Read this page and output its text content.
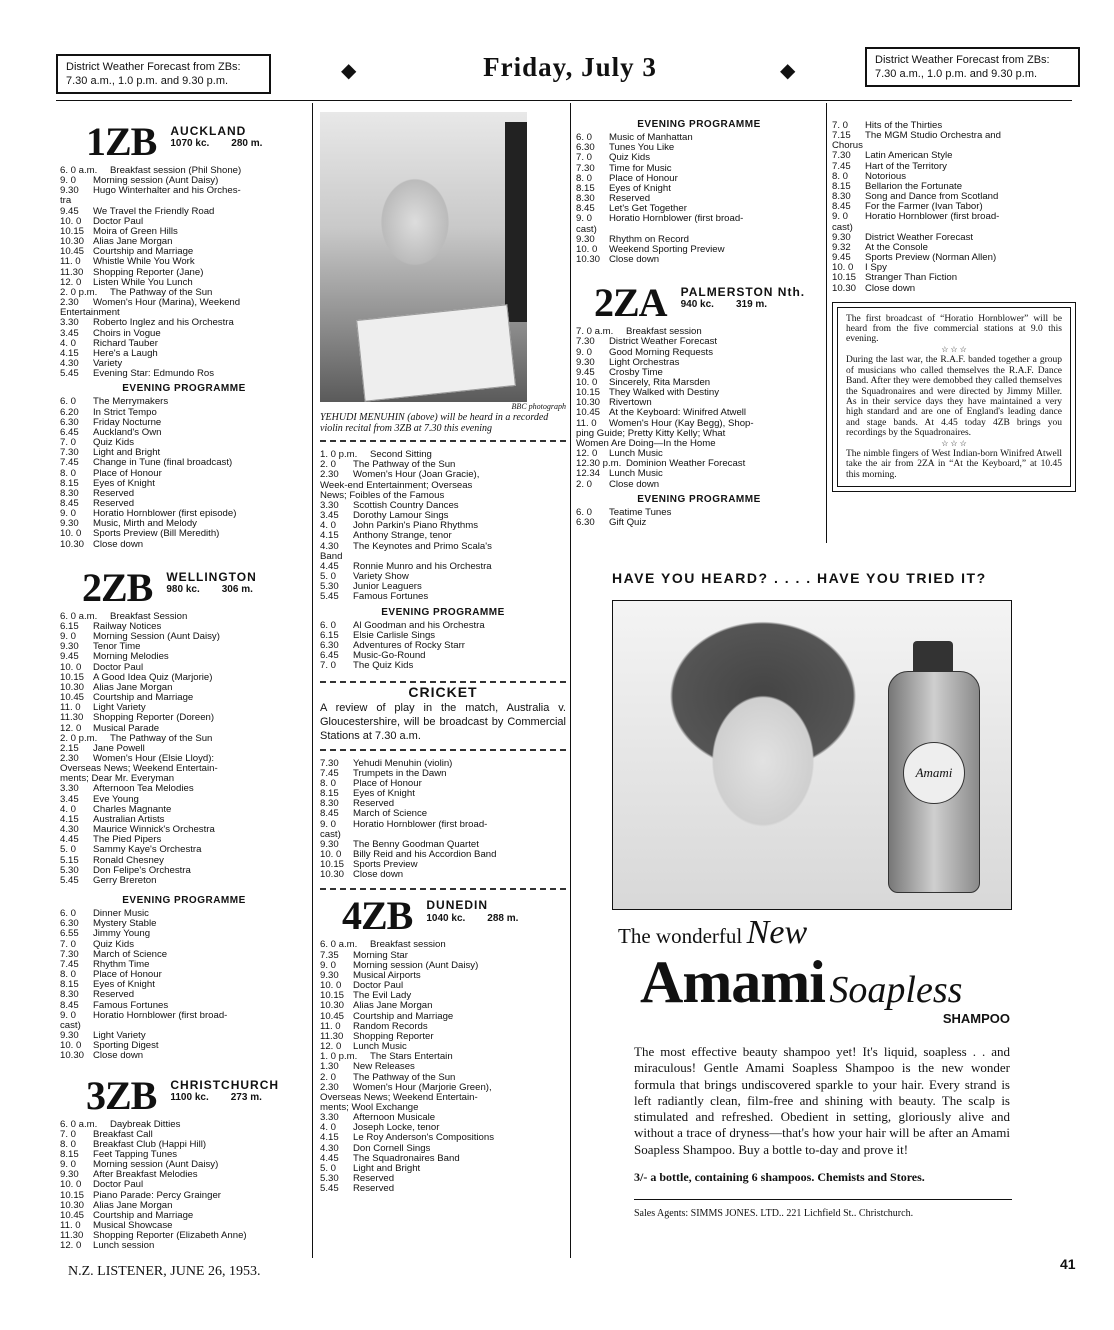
District Weather Forecast from ZBs:
7.30 a.m., 1.0 p.m. and 9.30 p.m.	◆	Friday, July 3	◆	District Weather Forecast from ZBs:
7.30 a.m., 1.0 p.m. and 9.30 p.m.
1ZB AUCKLAND
1070 kc. 280 m.
6. 0 a.m.	Breakfast session (Phil Shone)
9. 0	Morning session (Aunt Daisy)
9.30	Hugo Winterhalter and his Orches-
tra
9.45	We Travel the Friendly Road
10. 0	Doctor Paul
10.15 Moira of Green Hills
10.30 Alias Jane Morgan
10.45 Courtship and Marriage
11. 0	Whistle While You Work
11.30	Shopping Reporter (Jane)
12. 0	Listen While You Lunch
2. 0 p.m.	The Pathway of the Sun
2.30	Women's Hour (Marina), Weekend
Entertainment
3.30	Roberto Inglez and his Orchestra
3.45	Choirs in Vogue
4. 0	Richard Tauber
4.15	Here's a Laugh
4.30	Variety
5.45	Evening Star: Edmundo Ros
EVENING PROGRAMME
6. 0	The Merrymakers
6.20	In Strict Tempo
6.30	Friday Nocturne
6.45	Auckland's Own
7. 0	Quiz Kids
7.30	Light and Bright
7.45	Change in Tune (final broadcast)
8. 0	Place of Honour
8.15	Eyes of Knight
8.30	Reserved
8.45	Reserved
9. 0	Horatio Hornblower (first episode)
9.30	Music, Mirth and Melody
10. 0	Sports Preview (Bill Meredith)
10.30 Close down
2ZB WELLINGTON
980 kc. 306 m.
6. 0 a.m.	Breakfast Session
6.15	Railway Notices
9. 0	Morning Session (Aunt Daisy)
9.30	Tenor Time
9.45	Morning Melodies
10. 0	Doctor Paul
10.15 A Good Idea Quiz (Marjorie)
10.30 Alias Jane Morgan
10.45 Courtship and Marriage
11. 0	Light Variety
11.30	Shopping Reporter (Doreen)
12. 0	Musical Parade
2. 0 p.m.	The Pathway of the Sun
2.15	Jane Powell
2.30	Women's Hour (Elsie Lloyd):
Overseas News; Weekend Entertain-
ments; Dear Mr. Everyman
3.30	Afternoon Tea Melodies
3.45	Eve Young
4. 0	Charles Magnante
4.15	Australian Artists
4.30	Maurice Winnick's Orchestra
4.45	The Pied Pipers
5. 0	Sammy Kaye's Orchestra
5.15	Ronald Chesney
5.30	Don Felipe's Orchestra
5.45	Gerry Brereton
EVENING PROGRAMME
6. 0	Dinner Music
6.30	Mystery Stable
6.55	Jimmy Young
7. 0	Quiz Kids
7.30	March of Science
7.45	Rhythm Time
8. 0	Place of Honour
8.15	Eyes of Knight
8.30	Reserved
8.45	Famous Fortunes
9. 0	Horatio Hornblower (first broad-
cast)
9.30	Light Variety
10. 0	Sporting Digest
10.30 Close down
3ZB CHRISTCHURCH
1100 kc. 273 m.
6. 0 a.m.	Daybreak Ditties
7. 0	Breakfast Call
8. 0	Breakfast Club (Happi Hill)
8.15	Feet Tapping Tunes
9. 0	Morning session (Aunt Daisy)
9.30	After Breakfast Melodies
10. 0	Doctor Paul
10.15 Piano Parade: Percy Grainger
10.30 Alias Jane Morgan
10.45 Courtship and Marriage
11. 0	Musical Showcase
11.30	Shopping Reporter (Elizabeth Anne)
12. 0	Lunch session
BBC photograph
YEHUDI MENUHIN (above) will be heard in a recorded violin recital from 3ZB at 7.30 this evening
1. 0 p.m.	Second Sitting
2. 0	The Pathway of the Sun
2.30	Women's Hour (Joan Gracie),
Week-end Entertainment; Overseas
News; Foibles of the Famous
3.30	Scottish Country Dances
3.45	Dorothy Lamour Sings
4. 0	John Parkin's Piano Rhythms
4.15	Anthony Strange, tenor
4.30	The Keynotes and Primo Scala's
Band
4.45	Ronnie Munro and his Orchestra
5. 0	Variety Show
5.30	Junior Leaguers
5.45	Famous Fortunes
EVENING PROGRAMME
6. 0	Al Goodman and his Orchestra
6.15	Elsie Carlisle Sings
6.30	Adventures of Rocky Starr
6.45	Music-Go-Round
7. 0	The Quiz Kids
CRICKET
A review of play in the match, Australia v. Gloucestershire, will be broadcast by Commercial Stations at 7.30 a.m.
7.30	Yehudi Menuhin (violin)
7.45	Trumpets in the Dawn
8. 0	Place of Honour
8.15	Eyes of Knight
8.30	Reserved
8.45	March of Science
9. 0	Horatio Hornblower (first broad-
cast)
9.30	The Benny Goodman Quartet
10. 0	Billy Reid and his Accordion Band
10.15 Sports Preview
10.30 Close down
4ZB DUNEDIN
1040 kc. 288 m.
6. 0 a.m.	Breakfast session
7.35	Morning Star
9. 0	Morning session (Aunt Daisy)
9.30	Musical Airports
10. 0	Doctor Paul
10.15 The Evil Lady
10.30 Alias Jane Morgan
10.45 Courtship and Marriage
11. 0	Random Records
11.30	Shopping Reporter
12. 0	Lunch Music
1. 0 p.m.	The Stars Entertain
1.30	New Releases
2. 0	The Pathway of the Sun
2.30	Women's Hour (Marjorie Green),
Overseas News; Weekend Entertain-
ments; Wool Exchange
3.30	Afternoon Musicale
4. 0	Joseph Locke, tenor
4.15	Le Roy Anderson's Compositions
4.30	Don Cornell Sings
4.45	The Squadronaires Band
5. 0	Light and Bright
5.30	Reserved
5.45	Reserved
EVENING PROGRAMME
6. 0	Music of Manhattan
6.30	Tunes You Like
7. 0	Quiz Kids
7.30	Time for Music
8. 0	Place of Honour
8.15	Eyes of Knight
8.30	Reserved
8.45	Let's Get Together
9. 0	Horatio Hornblower (first broad-
cast)
9.30	Rhythm on Record
10. 0	Weekend Sporting Preview
10.30 Close down
2ZA PALMERSTON Nth.
940 kc. 319 m.
7. 0 a.m.	Breakfast session
7.30	District Weather Forecast
9. 0	Good Morning Requests
9.30	Light Orchestras
9.45	Crosby Time
10. 0	Sincerely, Rita Marsden
10.15 They Walked with Destiny
10.30 Rivertown
10.45 At the Keyboard: Winifred Atwell
11. 0	Women's Hour (Kay Begg), Shop-
ping Guide; Pretty Kitty Kelly; What
Women Are Doing—In the Home
12. 0	Lunch Music
12.30 p.m. Dominion Weather Forecast
12.34 Lunch Music
2. 0	Close down
EVENING PROGRAMME
6. 0	Teatime Tunes
6.30	Gift Quiz
7. 0	Hits of the Thirties
7.15	The MGM Studio Orchestra and
Chorus
7.30	Latin American Style
7.45	Hart of the Territory
8. 0	Notorious
8.15	Bellarion the Fortunate
8.30	Song and Dance from Scotland
8.45	For the Farmer (Ivan Tabor)
9. 0	Horatio Hornblower (first broad-
cast)
9.30	District Weather Forecast
9.32	At the Console
9.45	Sports Preview (Norman Allen)
10. 0	I Spy
10.15 Stranger Than Fiction
10.30 Close down
The first broadcast of “Horatio Hornblower” will be heard from the five commercial stations at 9.0 this evening.
☆ ☆ ☆
During the last war, the R.A.F. banded together a group of musicians who called themselves the R.A.F. Dance Band. After they were demobbed they called themselves the Squadronaires and were directed by Jimmy Miller. As in their service days they have maintained a very high standard and are one of England's leading dance and stage bands. At 4.45 today 4ZB brings you recordings by the Squadronaires.
☆ ☆ ☆
The nimble fingers of West Indian-born Winifred Atwell take the air from 2ZA in “At the Keyboard,” at 10.45 this morning.
HAVE YOU HEARD? . . . . HAVE YOU TRIED IT?
Amami
The wonderful New
Amami Soapless
SHAMPOO
The most effective beauty shampoo yet! It's liquid, soapless . . and miraculous! Gentle Amami Soapless Shampoo is the new wonder formula that brings undiscovered sparkle to your hair. Every strand is left radiantly clean, film-free and shining with beauty. The scalp is stimulated and refreshed. Obedient in setting, gloriously alive and without a trace of dryness—that's how your hair will be after an Amami Soapless Shampoo. Buy a bottle to-day and prove it!
3/- a bottle, containing 6 shampoos. Chemists and Stores.
Sales Agents: SIMMS JONES. LTD.. 221 Lichfield St.. Christchurch.
N.Z. LISTENER, JUNE 26, 1953.	41
